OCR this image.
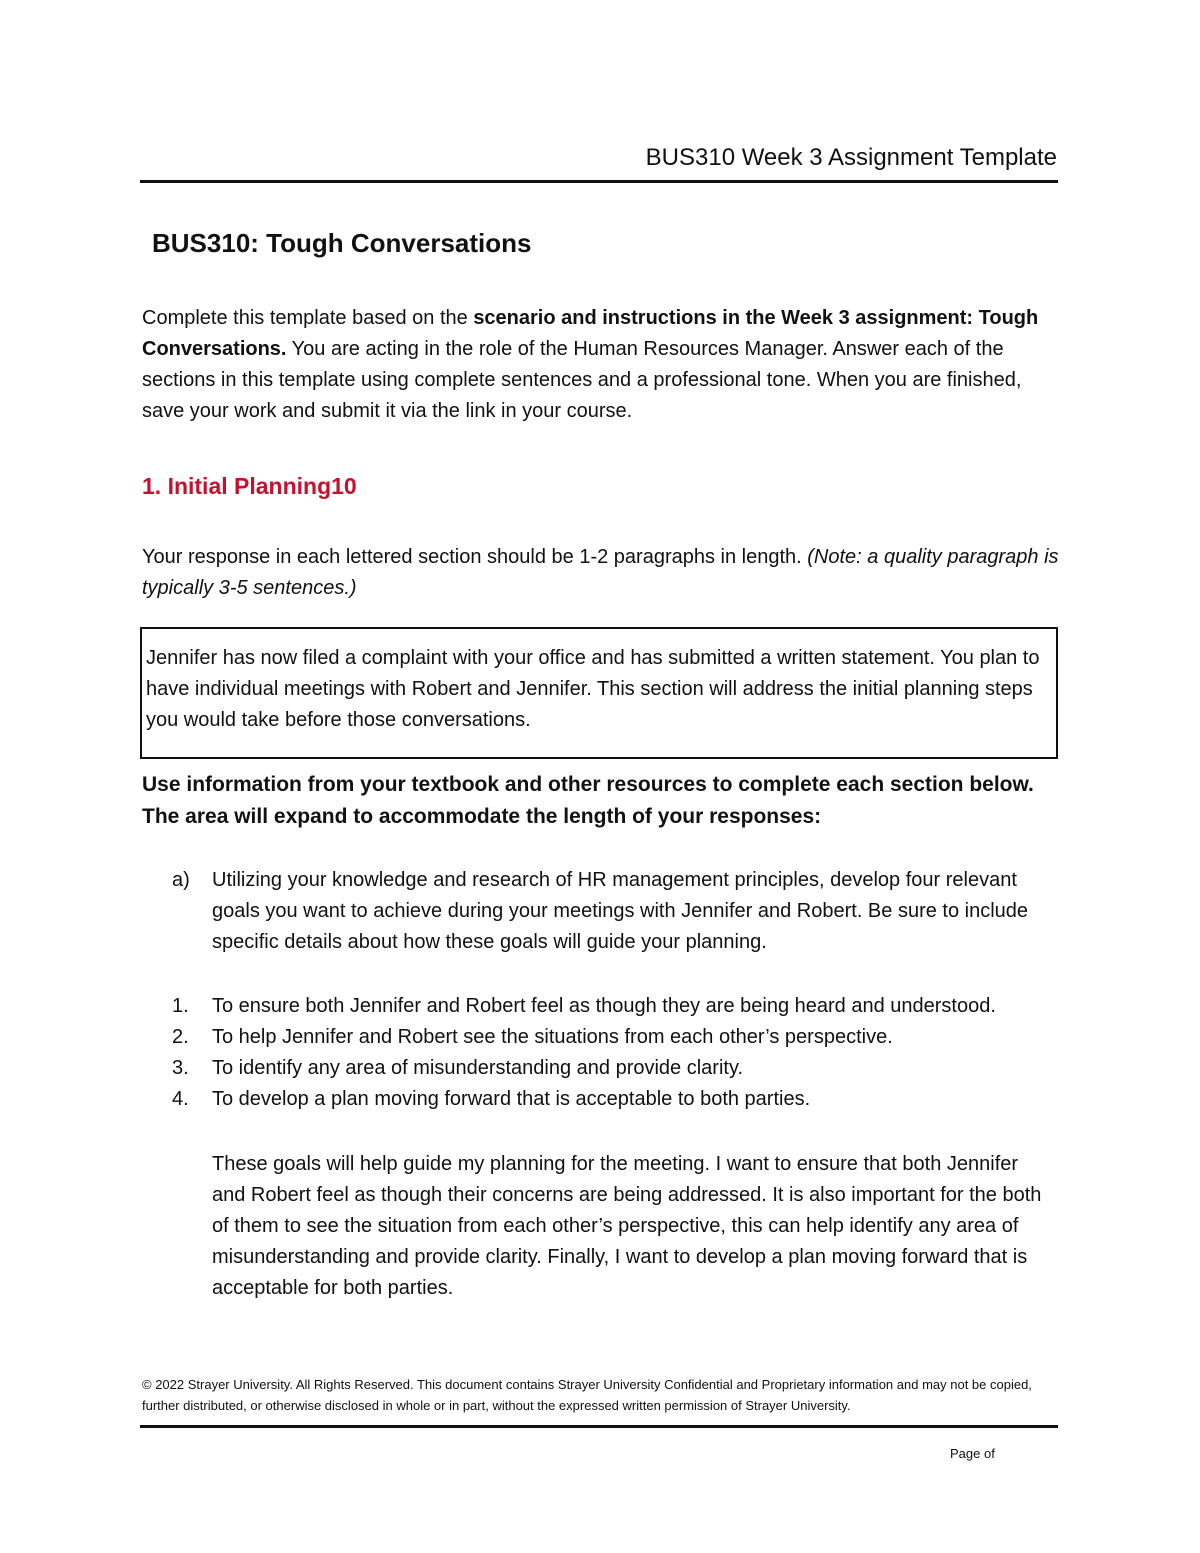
BUS310 Week 3 Assignment Template
BUS310: Tough Conversations
Complete this template based on the scenario and instructions in the Week 3 assignment: Tough Conversations. You are acting in the role of the Human Resources Manager. Answer each of the sections in this template using complete sentences and a professional tone. When you are finished, save your work and submit it via the link in your course.
1. Initial Planning10
Your response in each lettered section should be 1-2 paragraphs in length. (Note: a quality paragraph is typically 3-5 sentences.)
Jennifer has now filed a complaint with your office and has submitted a written statement. You plan to have individual meetings with Robert and Jennifer. This section will address the initial planning steps you would take before those conversations.
Use information from your textbook and other resources to complete each section below. The area will expand to accommodate the length of your responses:
a) Utilizing your knowledge and research of HR management principles, develop four relevant goals you want to achieve during your meetings with Jennifer and Robert. Be sure to include specific details about how these goals will guide your planning.
1. To ensure both Jennifer and Robert feel as though they are being heard and understood.
2. To help Jennifer and Robert see the situations from each other’s perspective.
3. To identify any area of misunderstanding and provide clarity.
4. To develop a plan moving forward that is acceptable to both parties.
These goals will help guide my planning for the meeting. I want to ensure that both Jennifer and Robert feel as though their concerns are being addressed. It is also important for the both of them to see the situation from each other’s perspective, this can help identify any area of misunderstanding and provide clarity. Finally, I want to develop a plan moving forward that is acceptable for both parties.
© 2022 Strayer University. All Rights Reserved. This document contains Strayer University Confidential and Proprietary information and may not be copied, further distributed, or otherwise disclosed in whole or in part, without the expressed written permission of Strayer University.
Page of
